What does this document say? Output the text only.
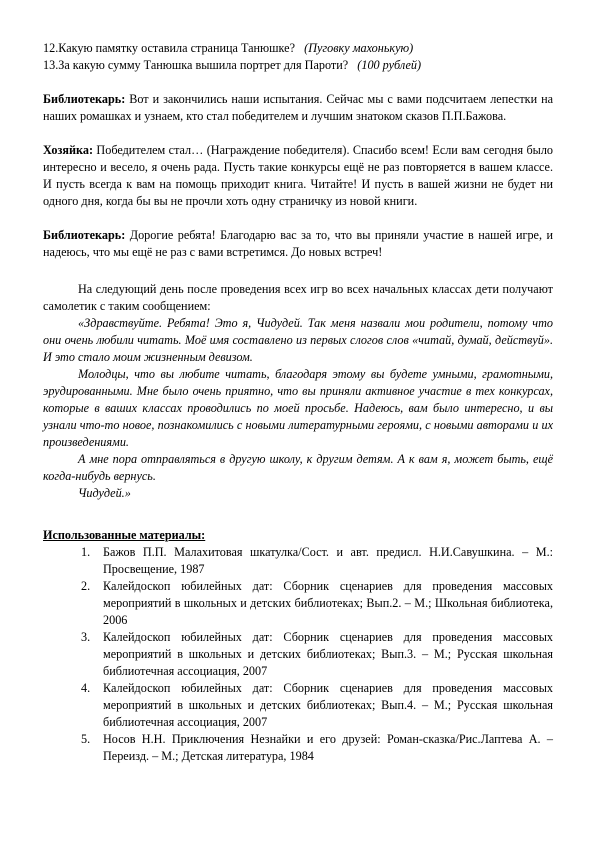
12.Какую памятку оставила страница Танюшке? (Пуговку махонькую)

13.За какую сумму Танюшка вышила портрет для Пароти? (100 рублей)

Библиотекарь: Вот и закончились наши испытания. Сейчас мы с вами подсчитаем лепестки на наших ромашках и узнаем, кто стал победителем и лучшим знатоком сказов П.П.Бажова.

Хозяйка: Победителем стал… (Награждение победителя). Спасибо всем! Если вам сегодня было интересно и весело, я очень рада. Пусть такие конкурсы ещё не раз повторяется в вашем классе. И пусть всегда к вам на помощь приходит книга. Читайте! И пусть в вашей жизни не будет ни одного дня, когда бы вы не прочли хоть одну страничку из новой книги.

Библиотекарь: Дорогие ребята! Благодарю вас за то, что вы приняли участие в нашей игре, и надеюсь, что мы ещё не раз с вами встретимся. До новых встреч!

На следующий день после проведения всех игр во всех начальных классах дети получают самолетик с таким сообщением:

«Здравствуйте. Ребята! Это я, Чидудей. Так меня назвали мои родители, потому что они очень любили читать. Моё имя составлено из первых слогов слов «читай, думай, действуй». И это стало моим жизненным девизом.

Молодцы, что вы любите читать, благодаря этому вы будете умными, грамотными, эрудированными. Мне было очень приятно, что вы приняли активное участие в тех конкурсах, которые в ваших классах проводились по моей просьбе. Надеюсь, вам было интересно, и вы узнали что-то новое, познакомились с новыми литературными героями, с новыми авторами и их произведениями.

А мне пора отправляться в другую школу, к другим детям. А к вам я, может быть, ещё когда-нибудь вернусь.

Чидудей.»

Использованные материалы:

1. Бажов П.П. Малахитовая шкатулка/Сост. и авт. предисл. Н.И.Савушкина. – М.: Просвещение, 1987
2. Калейдоскоп юбилейных дат: Сборник сценариев для проведения массовых мероприятий в школьных и детских библиотеках; Вып.2. – М.; Школьная библиотека, 2006
3. Калейдоскоп юбилейных дат: Сборник сценариев для проведения массовых мероприятий в школьных и детских библиотеках; Вып.3. – М.; Русская школьная библиотечная ассоциация, 2007
4. Калейдоскоп юбилейных дат: Сборник сценариев для проведения массовых мероприятий в школьных и детских библиотеках; Вып.4. – М.; Русская школьная библиотечная ассоциация, 2007
5. Носов Н.Н. Приключения Незнайки и его друзей: Роман-сказка/Рис.Лаптева А. – Переизд. – М.; Детская литература, 1984
